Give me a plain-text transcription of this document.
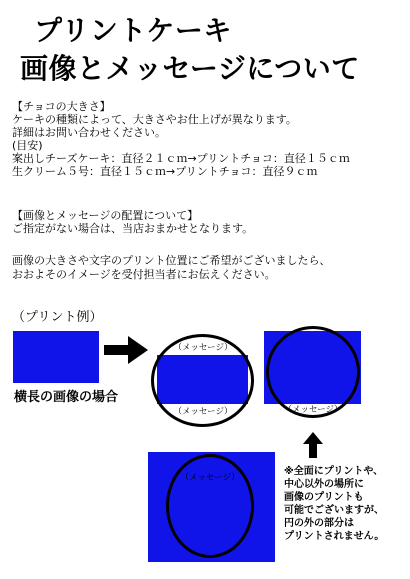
プリントケーキ
画像とメッセージについて
【チョコの大きさ】
ケーキの種類によって、大きさやお仕上げが異なります。
詳細はお問い合わせください。
(目安)
案出しチーズケーキ：直径２１ｃｍ→プリントチョコ：直径１５ｃｍ
生クリーム５号：直径１５ｃｍ→プリントチョコ：直径９ｃｍ
【画像とメッセージの配置について】
ご指定がない場合は、当店おまかせとなります。
画像の大きさや文字のプリント位置にご希望がございましたら、
おおよそのイメージを受付担当者にお伝えください。
（プリント例）
横長の画像の場合
（メッセージ）
（メッセージ）	（メッセージ）
（メッセージ）
※全面にプリントや、
中心以外の場所に
画像のプリントも
可能でございますが、
円の外の部分は
プリントされません。
